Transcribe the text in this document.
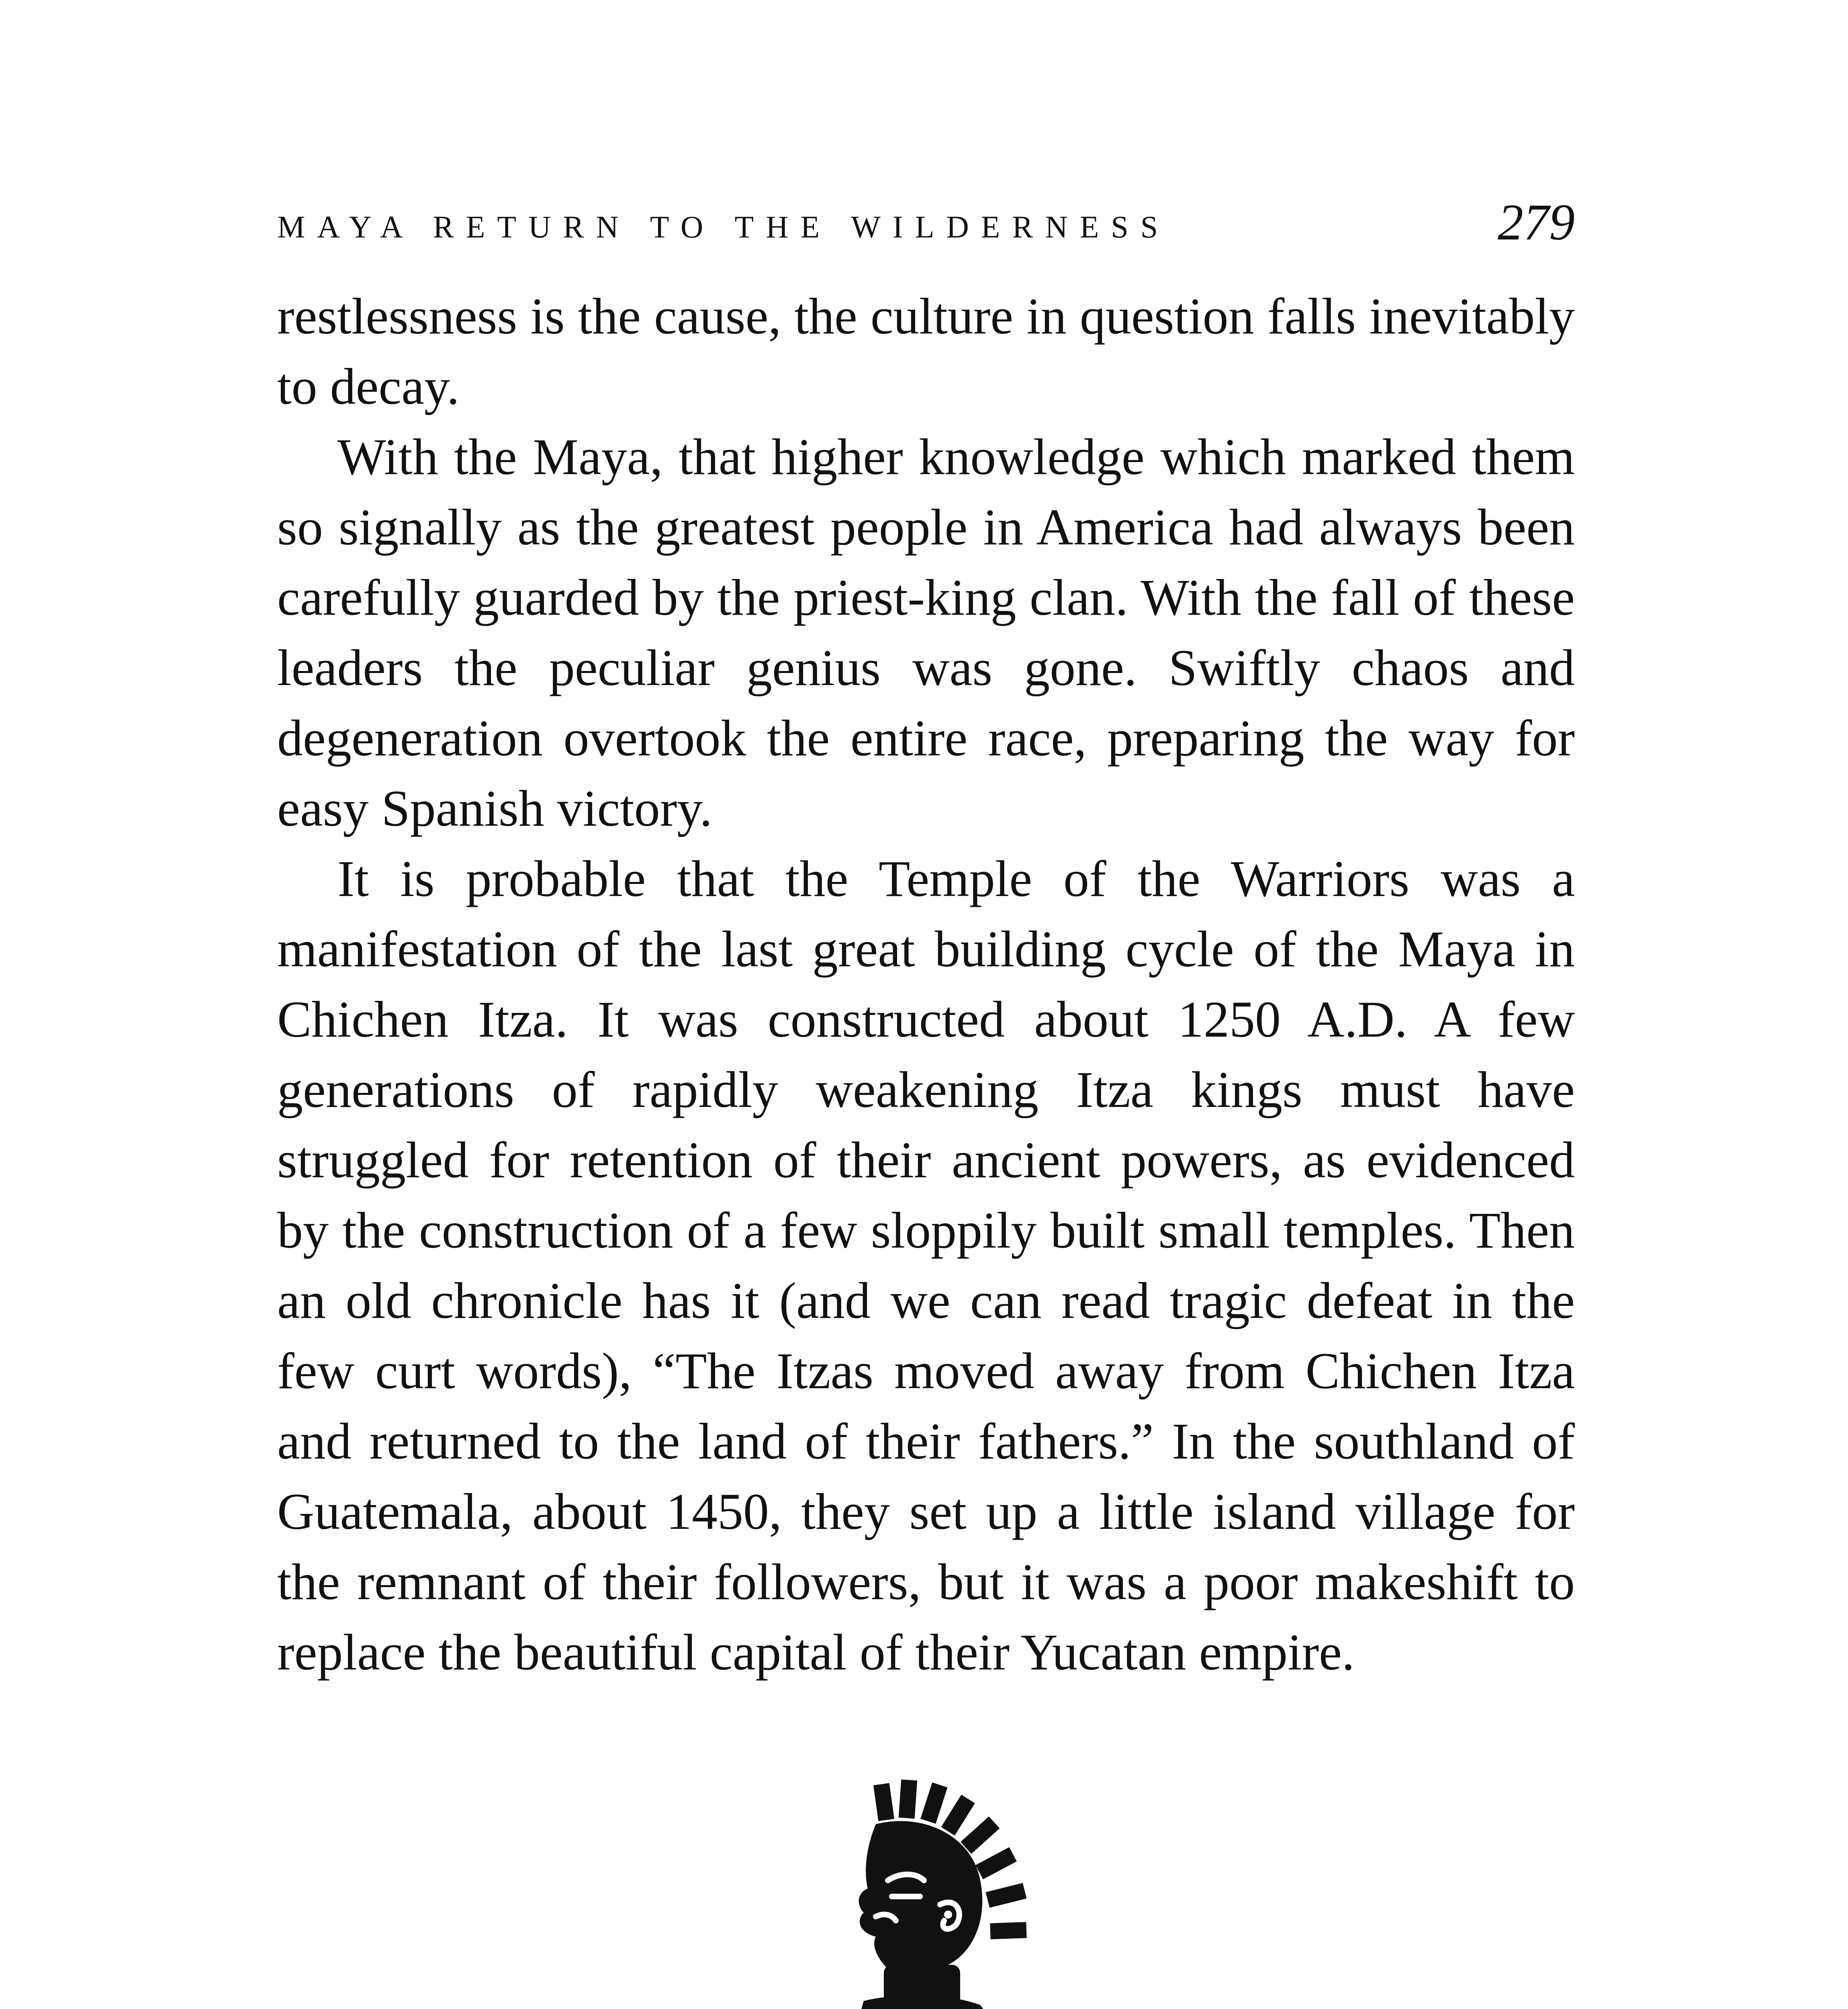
MAYA RETURN TO THE WILDERNESS	279

restlessness is the cause, the culture in question falls inevitably to decay.

With the Maya, that higher knowledge which marked them so signally as the greatest people in America had always been carefully guarded by the priest-king clan. With the fall of these leaders the peculiar genius was gone. Swiftly chaos and degeneration overtook the entire race, preparing the way for easy Spanish victory.

It is probable that the Temple of the Warriors was a manifestation of the last great building cycle of the Maya in Chichen Itza. It was constructed about 1250 A.D. A few generations of rapidly weakening Itza kings must have struggled for retention of their ancient powers, as evidenced by the construction of a few sloppily built small temples. Then an old chronicle has it (and we can read tragic defeat in the few curt words), “The Itzas moved away from Chichen Itza and returned to the land of their fathers.” In the southland of Guatemala, about 1450, they set up a little island village for the remnant of their followers, but it was a poor makeshift to replace the beautiful capital of their Yucatan empire.
